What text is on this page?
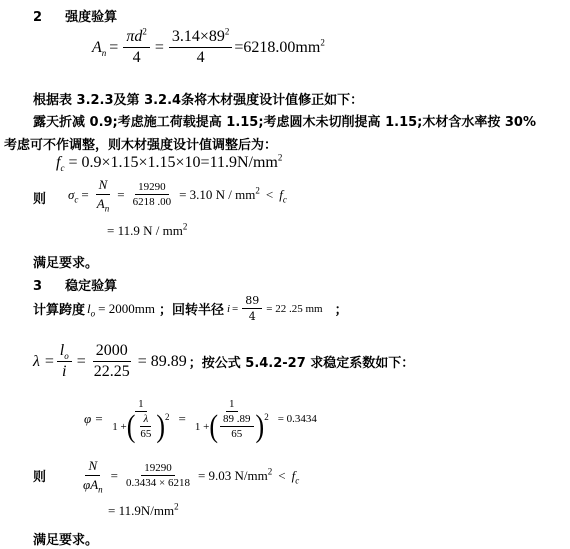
2 强度验算
$A_n = \frac{\pi d^2}{4} = \frac{3.14\times 89^2}{4} =6218.00mm^2$
根据表 3.2.3及第 3.2.4条将木材强度设计值修正如下：
露天折减 0.9;考虑施工荷载提高 1.15;考虑圆木未切削提高 1.15;木材含水率按 30%
考虑可不作调整，则木材强度设计值调整后为：
$f_c = 0.9\times 1.15\times 1.15\times 10=11.9N/mm^2$
则 $\sigma_c = \frac{N}{A_n} = \frac{19290}{6218 .00} = 3.10$ $N / mm^2 < f_c$
= 11.9 N / $mm^2$
满足要求。
3 稳定验算
计算跨度 $l_o = 2000mm$ ；回转半径 $i = \frac{89}{4} = 22$ .25 mm ；
$\lambda = \frac{l_o}{i} = \frac{2000}{22.25} = 89.89$ ；按公式 5.4.2-27 求稳定系数如下：
$\varphi = \frac{1}{1 + ( \frac{\lambda}{65} ) 2} = \frac{1}{1 + ( \frac{89 .89}{65} ) 2} = 0.3434$
则	$\frac{N}{\varphi A_n} = \frac{19290}{0.3434 \times 6218} = 9.03$ $N/mm^2 < f_c$
= $11.9N/mm^2$
满足要求。
